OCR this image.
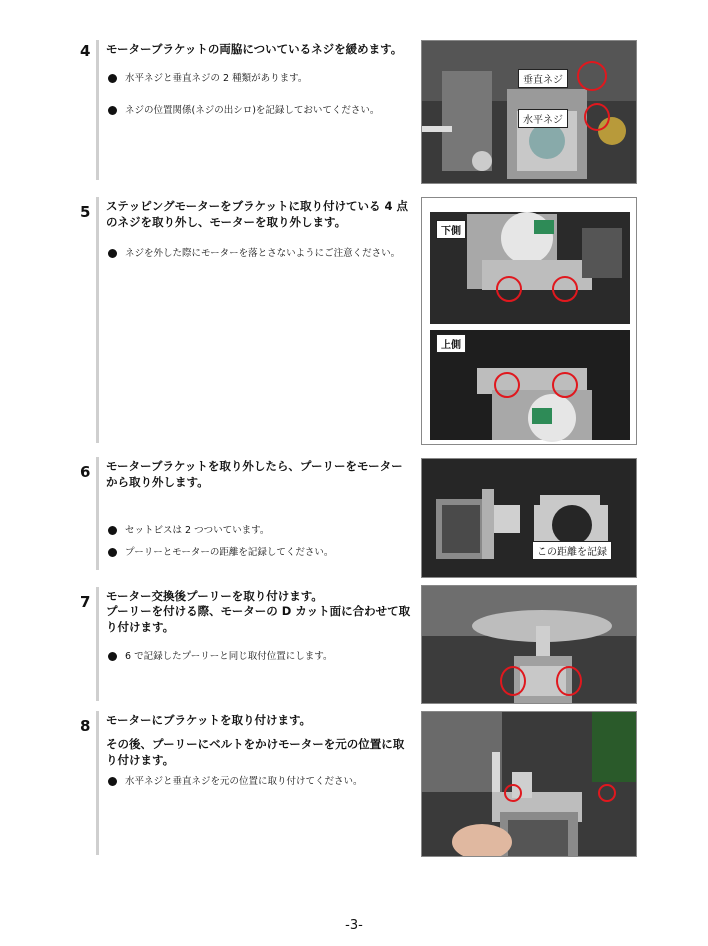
4 モーターブラケットの両脇についているネジを緩めます。
水平ネジと垂直ネジの 2 種類があります。
ネジの位置関係(ネジの出シロ)を記録しておいてください。
垂直ネジ
水平ネジ
5 ステッピングモーターをブラケットに取り付けている 4 点のネジを取り外し、モーターを取り外します。
ネジを外した際にモーターを落とさないようにご注意ください。
下側
上側
6 モーターブラケットを取り外したら、プーリーをモーターから取り外します。
セットビスは 2 つついています。
プーリーとモーターの距離を記録してください。	この距離を記録
7 モーター交換後プーリーを取り付けます。
プーリーを付ける際、モーターの D カット面に合わせて取り付けます。
6 で記録したプーリーと同じ取付位置にします。
8 モーターにブラケットを取り付けます。
その後、プーリーにベルトをかけモーターを元の位置に取り付けます。
水平ネジと垂直ネジを元の位置に取り付けてください。
-3-
